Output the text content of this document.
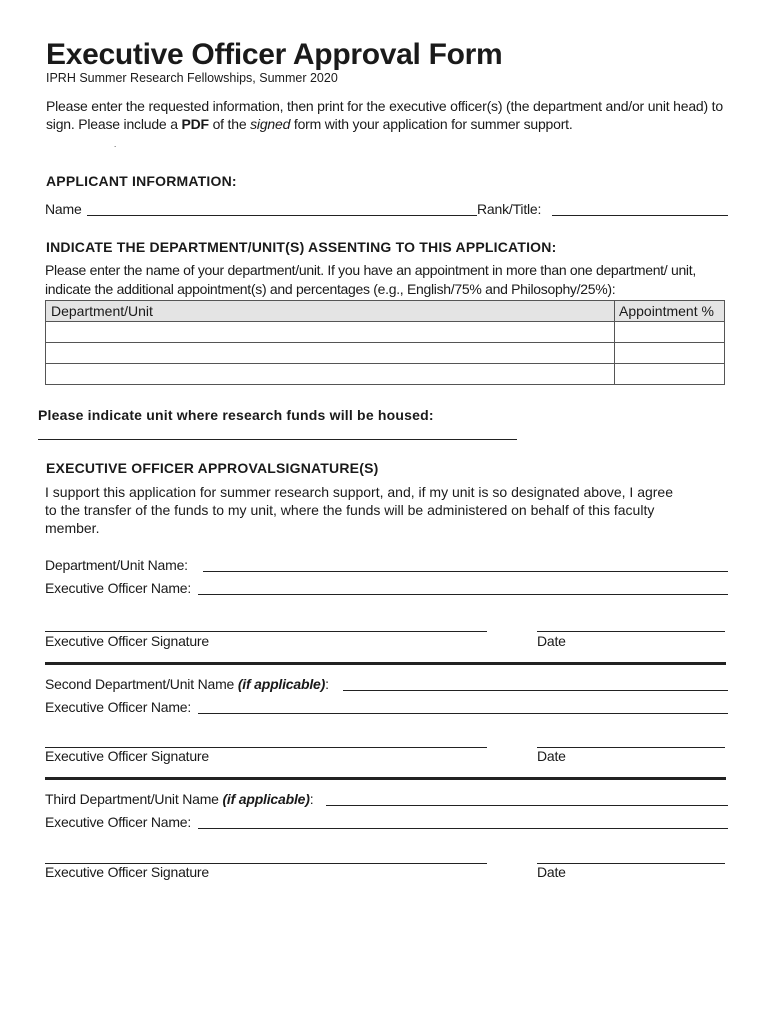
Executive Officer Approval Form
IPRH Summer Research Fellowships, Summer 2020
Please enter the requested information, then print for the executive officer(s) (the department and/or unit head) to sign. Please include a PDF of the signed form with your application for summer support.
.
APPLICANT INFORMATION:
Name	Rank/Title:
INDICATE THE DEPARTMENT/UNIT(S) ASSENTING TO THIS APPLICATION:
Please enter the name of your department/unit. If you have an appointment in more than one department/ unit, indicate the additional appointment(s) and percentages (e.g., English/75% and Philosophy/25%):
Department/Unit	Appointment %

Please indicate unit where research funds will be housed:
EXECUTIVE OFFICER APPROVALSIGNATURE(S)
I support this application for summer research support, and, if my unit is so designated above, I agree to the transfer of the funds to my unit, where the funds will be administered on behalf of this faculty member.
Department/Unit Name:
Executive Officer Name:
Executive Officer Signature	Date
Second Department/Unit Name (if applicable):
Executive Officer Name:
Executive Officer Signature	Date
Third Department/Unit Name (if applicable):
Executive Officer Name:
Executive Officer Signature	Date
